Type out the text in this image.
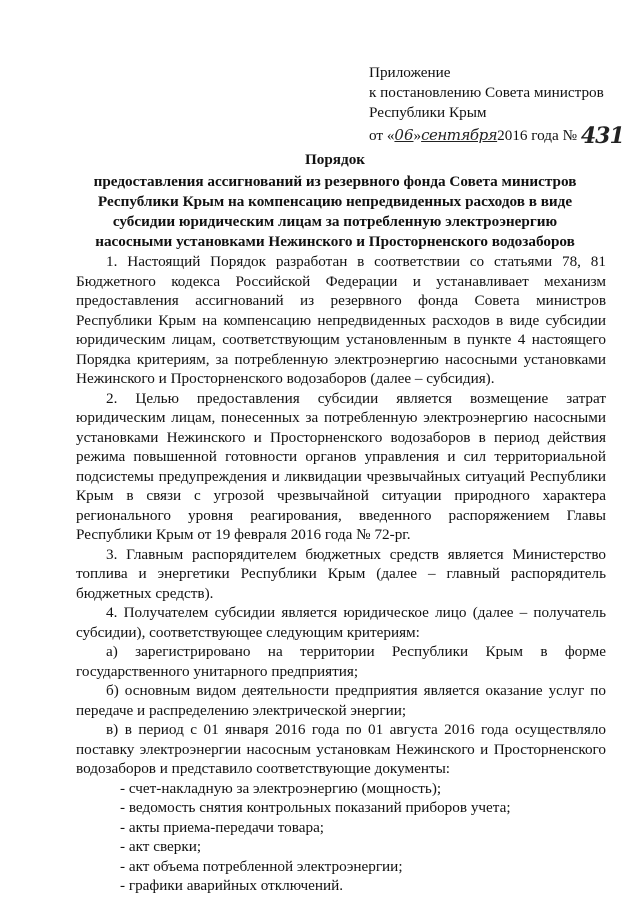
Приложение
к постановлению Совета министров
Республики Крым
от «06»сентября2016 года № 431
Порядок
предоставления ассигнований из резервного фонда Совета министров
Республики Крым на компенсацию непредвиденных расходов в виде
субсидии юридическим лицам за потребленную электроэнергию
насосными установками Нежинского и Просторненского водозаборов

1. Настоящий Порядок разработан в соответствии со статьями 78, 81 Бюджетного кодекса Российской Федерации и устанавливает механизм предоставления ассигнований из резервного фонда Совета министров Республики Крым на компенсацию непредвиденных расходов в виде субсидии юридическим лицам, соответствующим установленным в пункте 4 настоящего Порядка критериям, за потребленную электроэнергию насосными установками Нежинского и Просторненского водозаборов (далее – субсидия).

2. Целью предоставления субсидии является возмещение затрат юридическим лицам, понесенных за потребленную электроэнергию насосными установками Нежинского и Просторненского водозаборов в период действия режима повышенной готовности органов управления и сил территориальной подсистемы предупреждения и ликвидации чрезвычайных ситуаций Республики Крым в связи с угрозой чрезвычайной ситуации природного характера регионального уровня реагирования, введенного распоряжением Главы Республики Крым от 19 февраля 2016 года № 72-рг.

3. Главным распорядителем бюджетных средств является Министерство топлива и энергетики Республики Крым (далее – главный распорядитель бюджетных средств).

4. Получателем субсидии является юридическое лицо (далее – получатель субсидии), соответствующее следующим критериям:

а) зарегистрировано на территории Республики Крым в форме государственного унитарного предприятия;

б) основным видом деятельности предприятия является оказание услуг по передаче и распределению электрической энергии;

в) в период с 01 января 2016 года по 01 августа 2016 года осуществляло поставку электроэнергии насосным установкам Нежинского и Просторненского водозаборов и представило соответствующие документы:

- счет-накладную за электроэнергию (мощность);

- ведомость снятия контрольных показаний приборов учета;

- акты приема-передачи товара;

- акт сверки;

- акт объема потребленной электроэнергии;

- графики аварийных отключений.
